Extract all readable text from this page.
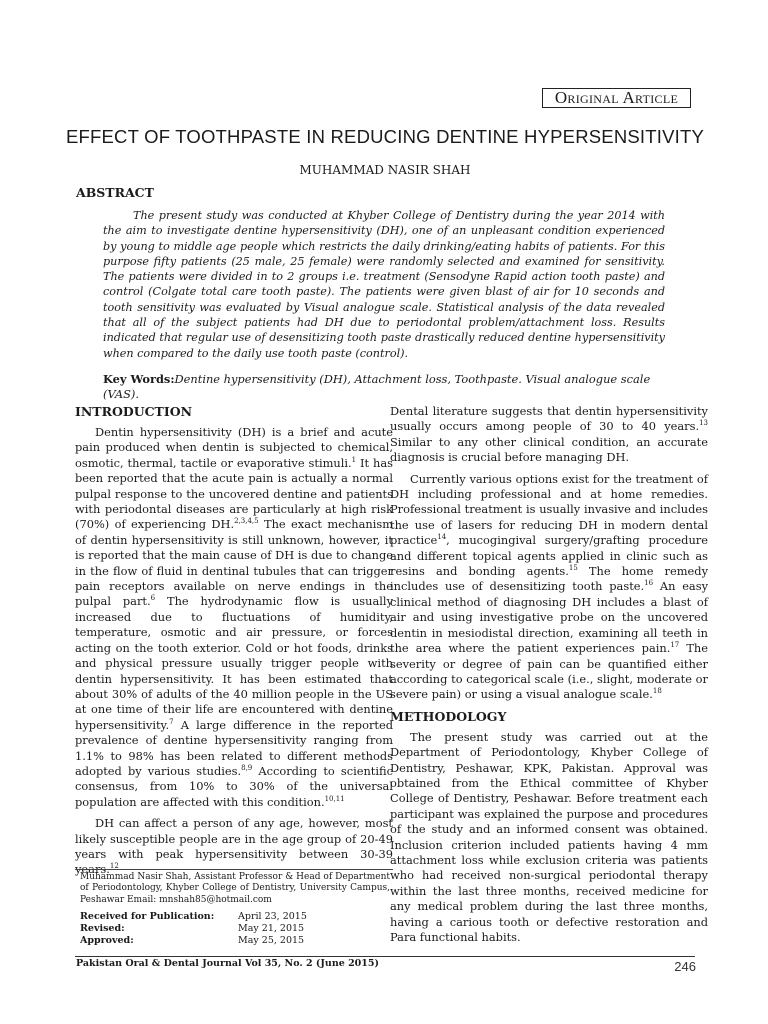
Original Article
EFFECT OF TOOTHPASTE IN REDUCING DENTINE HYPERSENSITIVITY
MUHAMMAD NASIR SHAH
ABSTRACT

The present study was conducted at Khyber College of Dentistry during the year 2014 with the aim to investigate dentine hypersensitivity (DH), one of an unpleasant condition experienced by young to middle age people which restricts the daily drinking/eating habits of patients. For this purpose fifty patients (25 male, 25 female) were randomly selected and examined for sensitivity. The patients were divided in to 2 groups i.e. treatment (Sensodyne Rapid action tooth paste) and control (Colgate total care tooth paste). The patients were given blast of air for 10 seconds and tooth sensitivity was evaluated by Visual analogue scale. Statistical analysis of the data revealed that all of the subject patients had DH due to periodontal problem/attachment loss. Results indicated that regular use of desensitizing tooth paste drastically reduced dentine hypersensitivity when compared to the daily use tooth paste (control).

Key Words:Dentine hypersensitivity (DH), Attachment loss, Toothpaste. Visual analogue scale (VAS).
INTRODUCTION

Dentin hypersensitivity (DH) is a brief and acute pain produced when dentin is subjected to chemical, osmotic, thermal, tactile or evaporative stimuli.$^1$ It has been reported that the acute pain is actually a normal pulpal response to the uncovered dentine and patients with periodontal diseases are particularly at high risk (70%) of experiencing DH.$^{2,3,4,5}$ The exact mechanism of dentin hypersensitivity is still unknown, however, it is reported that the main cause of DH is due to change in the flow of fluid in dentinal tubules that can trigger pain receptors available on nerve endings in the pulpal part.$^6$ The hydrodynamic flow is usually increased due to fluctuations of humidity, temperature, osmotic and air pressure, or forces acting on the tooth exterior. Cold or hot foods, drinks and physical pressure usually trigger people with dentin hypersensitivity. It has been estimated that about 30% of adults of the 40 million people in the US at one time of their life are encountered with dentine hypersensitivity.$^7$ A large difference in the reported prevalence of dentine hypersensitivity ranging from 1.1% to 98% has been related to different methods adopted by various studies.$^{8,9}$ According to scientific consensus, from 10% to 30% of the universal population are affected with this condition.$^{10,11}$

DH can affect a person of any age, however, most likely susceptible people are in the age group of 20-49 years with peak hypersensitivity between 30-39 years.$^{12}$

Muhammad Nasir Shah, Assistant Professor & Head of Department of Periodontology, Khyber College of Dentistry, University Campus, Peshawar Email: mnshah85@hotmail.com

Received for Publication:	April 23, 2015
Revised:	May 21, 2015
Approved:	May 25, 2015

Dental literature suggests that dentin hypersensitivity usually occurs among people of 30 to 40 years.$^{13}$ Similar to any other clinical condition, an accurate diagnosis is crucial before managing DH.

Currently various options exist for the treatment of DH including professional and at home remedies. Professional treatment is usually invasive and includes the use of lasers for reducing DH in modern dental practice$^{14}$, mucogingival surgery/grafting procedure and different topical agents applied in clinic such as resins and bonding agents.$^{15}$ The home remedy includes use of desensitizing tooth paste.$^{16}$ An easy clinical method of diagnosing DH includes a blast of air and using investigative probe on the uncovered dentin in mesiodistal direction, examining all teeth in the area where the patient experiences pain.$^{17}$ The severity or degree of pain can be quantified either according to categorical scale (i.e., slight, moderate or severe pain) or using a visual analogue scale.$^{18}$

METHODOLOGY

The present study was carried out at the Department of Periodontology, Khyber College of Dentistry, Peshawar, KPK, Pakistan. Approval was obtained from the Ethical committee of Khyber College of Dentistry, Peshawar. Before treatment each participant was explained the purpose and procedures of the study and an informed consent was obtained. Inclusion criterion included patients having 4 mm attachment loss while exclusion criteria was patients who had received non-surgical periodontal therapy within the last three months, received medicine for any medical problem during the last three months, having a carious tooth or defective restoration and Para functional habits.

Pakistan Oral & Dental Journal Vol 35, No. 2 (June 2015)	246
